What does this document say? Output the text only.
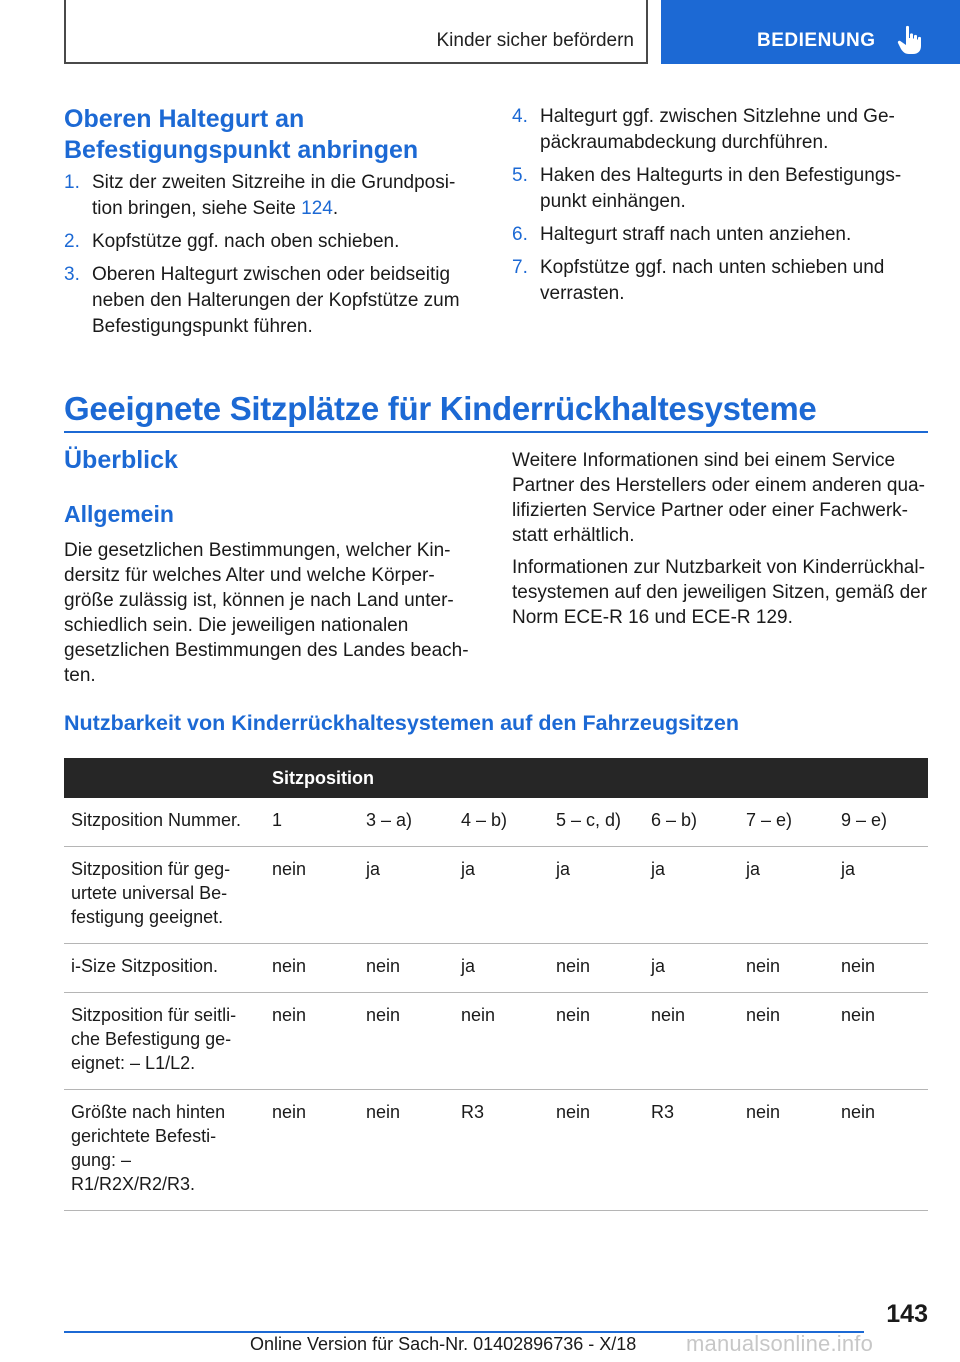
Kinder sicher befördern	BEDIENUNG
Oberen Haltegurt an
Befestigungspunkt anbringen
1. Sitz der zweiten Sitzreihe in die Grundposi-
tion bringen, siehe Seite 124.
2. Kopfstütze ggf. nach oben schieben.
3. Oberen Haltegurt zwischen oder beidseitig
neben den Halterungen der Kopfstütze zum
Befestigungspunkt führen.
4. Haltegurt ggf. zwischen Sitzlehne und Ge-
päckraumabdeckung durchführen.
5. Haken des Haltegurts in den Befestigungs-
punkt einhängen.
6. Haltegurt straff nach unten anziehen.
7. Kopfstütze ggf. nach unten schieben und
verrasten.
Geeignete Sitzplätze für Kinderrückhaltesysteme
Überblick
Allgemein

Die gesetzlichen Bestimmungen, welcher Kin-
dersitz für welches Alter und welche Körper-
größe zulässig ist, können je nach Land unter-
schiedlich sein. Die jeweiligen nationalen
gesetzlichen Bestimmungen des Landes beach-
ten.

Weitere Informationen sind bei einem Service
Partner des Herstellers oder einem anderen qua-
lifizierten Service Partner oder einer Fachwerk-
statt erhältlich.

Informationen zur Nutzbarkeit von Kinderrückhal-
tesystemen auf den jeweiligen Sitzen, gemäß der
Norm ECE-R 16 und ECE-R 129.

Nutzbarkeit von Kinderrückhaltesystemen auf den Fahrzeugsitzen
	Sitzposition						
Sitzposition Nummer.	1	3 – a)	4 – b)	5 – c, d)	6 – b)	7 – e)	9 – e)
Sitzposition für geg-
urtete universal Be-
festigung geeignet.	nein	ja	ja	ja	ja	ja	ja
i-Size Sitzposition.	nein	nein	ja	nein	ja	nein	nein
Sitzposition für seitli-
che Befestigung ge-
eignet: – L1/L2.	nein	nein	nein	nein	nein	nein	nein
Größte nach hinten
gerichtete Befesti-
gung: –
R1/R2X/R2/R3.	nein	nein	R3	nein	R3	nein	nein
143
Online Version für Sach-Nr. 01402896736 - X/18 manualsonline.info
